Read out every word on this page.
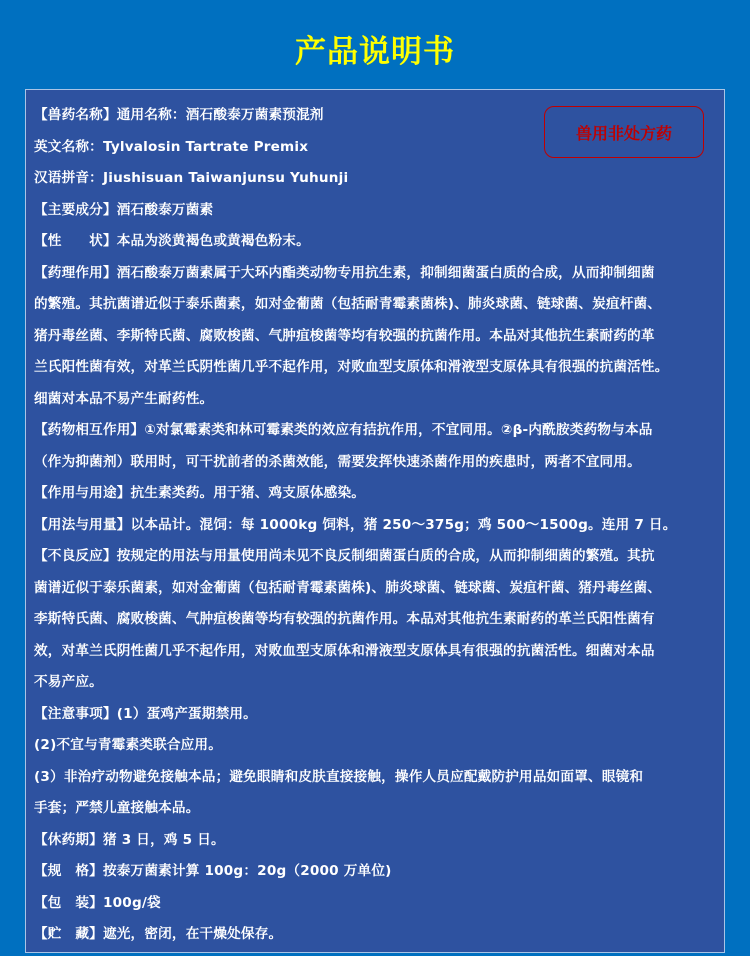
产品说明书
兽用非处方药
【兽药名称】通用名称：酒石酸泰万菌素预混剂
英文名称：Tylvalosin Tartrate Premix
汉语拼音：Jiushisuan Taiwanjunsu Yuhunji
【主要成分】酒石酸泰万菌素
【性　　状】本品为淡黄褐色或黄褐色粉末。
【药理作用】酒石酸泰万菌素属于大环内酯类动物专用抗生素，抑制细菌蛋白质的合成，从而抑制细菌
的繁殖。其抗菌谱近似于泰乐菌素，如对金葡菌（包括耐青霉素菌株)、肺炎球菌、链球菌、炭疽杆菌、
猪丹毒丝菌、李斯特氏菌、腐败梭菌、气肿疽梭菌等均有较强的抗菌作用。本品对其他抗生素耐药的革
兰氏阳性菌有效，对革兰氏阴性菌几乎不起作用，对败血型支原体和滑液型支原体具有很强的抗菌活性。
细菌对本品不易产生耐药性。
【药物相互作用】①对氯霉素类和林可霉素类的效应有拮抗作用，不宜同用。②β-内酰胺类药物与本品
（作为抑菌剂）联用时，可干扰前者的杀菌效能，需要发挥快速杀菌作用的疾患时，两者不宜同用。
【作用与用途】抗生素类药。用于猪、鸡支原体感染。
【用法与用量】以本品计。混饲：每 1000kg 饲料，猪 250～375g；鸡 500～1500g。连用 7 日。
【不良反应】按规定的用法与用量使用尚未见不良反制细菌蛋白质的合成，从而抑制细菌的繁殖。其抗
菌谱近似于泰乐菌素，如对金葡菌（包括耐青霉素菌株)、肺炎球菌、链球菌、炭疽杆菌、猪丹毒丝菌、
李斯特氏菌、腐败梭菌、气肿疽梭菌等均有较强的抗菌作用。本品对其他抗生素耐药的革兰氏阳性菌有
效，对革兰氏阴性菌几乎不起作用，对败血型支原体和滑液型支原体具有很强的抗菌活性。细菌对本品
不易产应。
【注意事项】(1）蛋鸡产蛋期禁用。
(2)不宜与青霉素类联合应用。
(3）非治疗动物避免接触本品；避免眼睛和皮肤直接接触，操作人员应配戴防护用品如面罩、眼镜和
手套；严禁儿童接触本品。
【休药期】猪 3 日，鸡 5 日。
【规　格】按泰万菌素计算 100g：20g（2000 万单位)
【包　装】100g/袋
【贮　藏】遮光，密闭，在干燥处保存。
